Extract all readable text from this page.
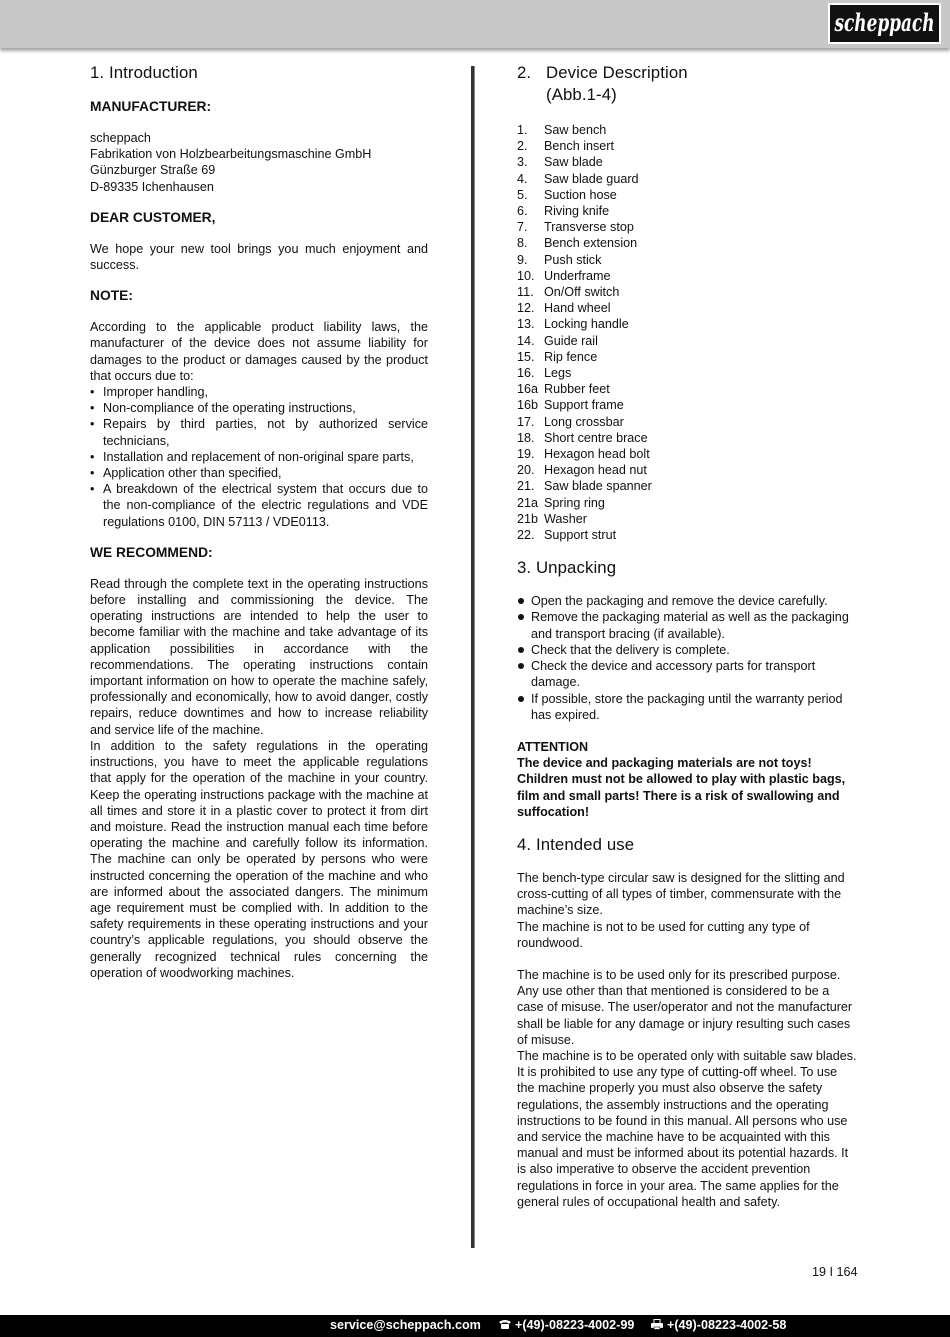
scheppach
1. Introduction
MANUFACTURER:

scheppach

Fabrikation von Holzbearbeitungsmaschine GmbH

Günzburger Straße 69

D-89335 Ichenhausen

DEAR CUSTOMER,

We hope your new tool brings you much enjoyment and success.

NOTE:

According to the applicable product liability laws, the manufacturer of the device does not assume liability for damages to the product or damages caused by the product that occurs due to:

• Improper handling,
• Non-compliance of the operating instructions,
• Repairs by third parties, not by authorized service technicians,
• Installation and replacement of non-original spare parts,
• Application other than specified,
• A breakdown of the electrical system that occurs due to the non-compliance of the electric regulations and VDE regulations 0100, DIN 57113 / VDE0113.
WE RECOMMEND:

Read through the complete text in the operating instructions before installing and commissioning the device. The operating instructions are intended to help the user to become familiar with the machine and take advantage of its application possibilities in accordance with the recommendations. The operating instructions contain important information on how to operate the machine safely, professionally and economically, how to avoid danger, costly repairs, reduce downtimes and how to increase reliability and service life of the machine.

In addition to the safety regulations in the operating instructions, you have to meet the applicable regulations that apply for the operation of the machine in your country. Keep the operating instructions package with the machine at all times and store it in a plastic cover to protect it from dirt and moisture. Read the instruction manual each time before operating the machine and carefully follow its information. The machine can only be operated by persons who were instructed concerning the operation of the machine and who are informed about the associated dangers. The minimum age requirement must be complied with. In addition to the safety requirements in these operating instructions and your country’s applicable regulations, you should observe the generally recognized technical rules concerning the operation of woodworking machines.

2. Device Description
(Abb.1-4)
1.	Saw bench
2.	Bench insert
3.	Saw blade
4.	Saw blade guard
5.	Suction hose
6.	Riving knife
7.	Transverse stop
8.	Bench extension
9.	Push stick
10. Underframe
11. On/Off switch
12. Hand wheel
13. Locking handle
14. Guide rail
15. Rip fence
16. Legs
16a Rubber feet
16b Support frame
17. Long crossbar
18. Short centre brace
19. Hexagon head bolt
20. Hexagon head nut
21. Saw blade spanner
21a Spring ring
21b Washer
22. Support strut
3. Unpacking
Open the packaging and remove the device carefully.
Remove the packaging material as well as the packaging and transport bracing (if available).
Check that the delivery is complete.
Check the device and accessory parts for transport damage.
If possible, store the packaging until the warranty period has expired.

ATTENTION

The device and packaging materials are not toys! Children must not be allowed to play with plastic bags, film and small parts! There is a risk of swallowing and suffocation!

4. Intended use

The bench-type circular saw is designed for the slitting and cross-cutting of all types of timber, commensurate with the machine’s size.

The machine is not to be used for cutting any type of roundwood.

The machine is to be used only for its prescribed purpose. Any use other than that mentioned is considered to be a case of misuse. The user/operator and not the manufacturer shall be liable for any damage or injury resulting such cases of misuse.

The machine is to be operated only with suitable saw blades. It is prohibited to use any type of cutting-off wheel. To use the machine properly you must also observe the safety regulations, the assembly instructions and the operating instructions to be found in this manual. All persons who use and service the machine have to be acquainted with this manual and must be informed about its potential hazards. It is also imperative to observe the accident prevention regulations in force in your area. The same applies for the general rules of occupational health and safety.

19 I 164
service@scheppach.com	+(49)-08223-4002-99	+(49)-08223-4002-58
